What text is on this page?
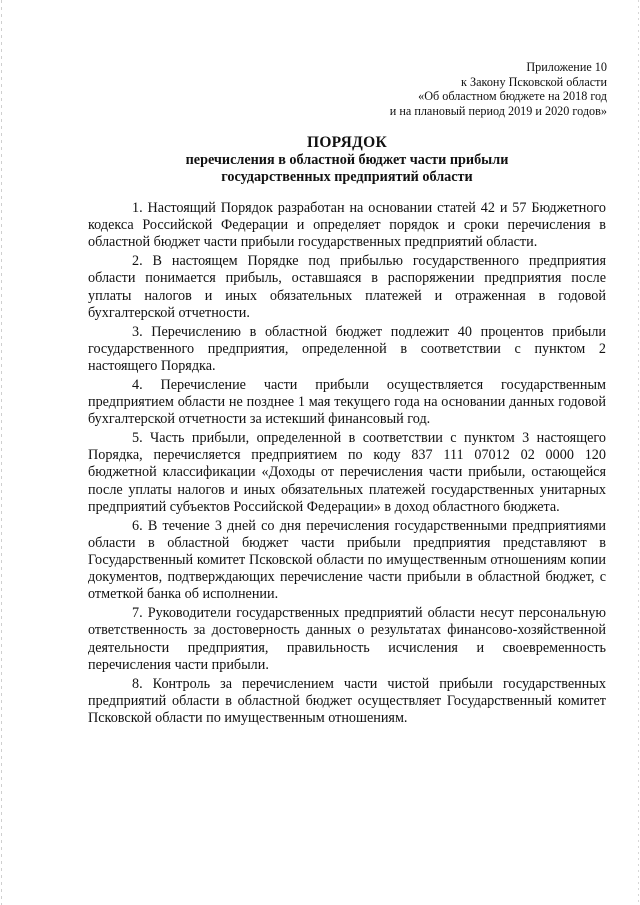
Приложение 10
к Закону Псковской области
«Об областном бюджете на 2018 год
и на плановый период 2019 и 2020 годов»
ПОРЯДОК
перечисления в областной бюджет части прибыли
государственных предприятий области

1. Настоящий Порядок разработан на основании статей 42 и 57 Бюджетного кодекса Российской Федерации и определяет порядок и сроки перечисления в областной бюджет части прибыли государственных предприятий области.

2. В настоящем Порядке под прибылью государственного предприятия области понимается прибыль, оставшаяся в распоряжении предприятия после уплаты налогов и иных обязательных платежей и отраженная в годовой бухгалтерской отчетности.

3. Перечислению в областной бюджет подлежит 40 процентов прибыли государственного предприятия, определенной в соответствии с пунктом 2 настоящего Порядка.

4. Перечисление части прибыли осуществляется государственным предприятием области не позднее 1 мая текущего года на основании данных годовой бухгалтерской отчетности за истекший финансовый год.

5. Часть прибыли, определенной в соответствии с пунктом 3 настоящего Порядка, перечисляется предприятием по коду 837 111 07012 02 0000 120 бюджетной классификации «Доходы от перечисления части прибыли, остающейся после уплаты налогов и иных обязательных платежей государственных унитарных предприятий субъектов Российской Федерации» в доход областного бюджета.

6. В течение 3 дней со дня перечисления государственными предприятиями области в областной бюджет части прибыли предприятия представляют в Государственный комитет Псковской области по имущественным отношениям копии документов, подтверждающих перечисление части прибыли в областной бюджет, с отметкой банка об исполнении.

7. Руководители государственных предприятий области несут персональную ответственность за достоверность данных о результатах финансово-хозяйственной деятельности предприятия, правильность исчисления и своевременность перечисления части прибыли.

8. Контроль за перечислением части чистой прибыли государственных предприятий области в областной бюджет осуществляет Государственный комитет Псковской области по имущественным отношениям.
